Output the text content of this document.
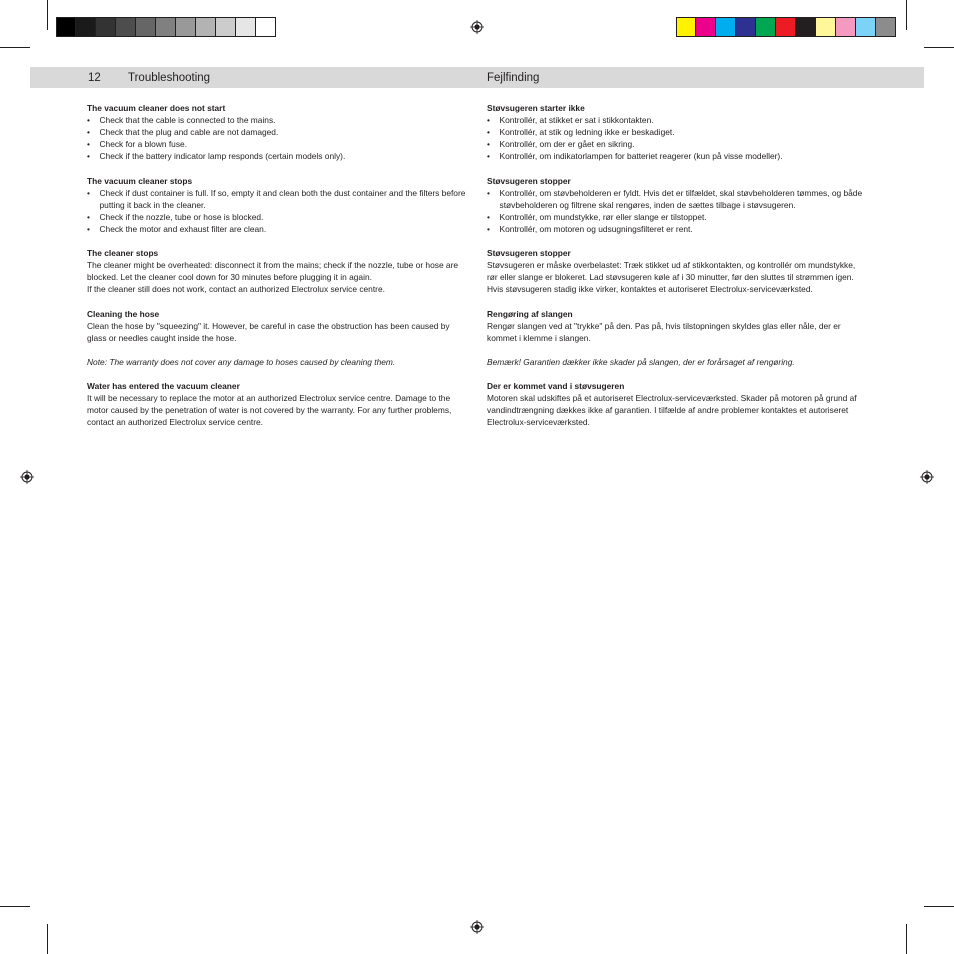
12 Troubleshooting	Fejlfinding

The vacuum cleaner does not start

• Check that the cable is connected to the mains.
• Check that the plug and cable are not damaged.
• Check for a blown fuse.
• Check if the battery indicator lamp responds (certain models only).

The vacuum cleaner stops

• Check if dust container is full. If so, empty it and clean both the dust container and the filters before putting it back in the cleaner.
• Check if the nozzle, tube or hose is blocked.
• Check the motor and exhaust filter are clean.

The cleaner stops

The cleaner might be overheated: disconnect it from the mains; check if the nozzle, tube or hose are blocked. Let the cleaner cool down for 30 minutes before plugging it in again.

If the cleaner still does not work, contact an authorized Electrolux service centre.

Cleaning the hose

Clean the hose by "squeezing" it. However, be careful in case the obstruction has been caused by glass or needles caught inside the hose.

Note: The warranty does not cover any damage to hoses caused by cleaning them.

Water has entered the vacuum cleaner

It will be necessary to replace the motor at an authorized Electrolux service centre. Damage to the motor caused by the penetration of water is not covered by the warranty. For any further problems, contact an authorized Electrolux service centre.

Støvsugeren starter ikke

• Kontrollér, at stikket er sat i stikkontakten.
• Kontrollér, at stik og ledning ikke er beskadiget.
• Kontrollér, om der er gået en sikring.
• Kontrollér, om indikatorlampen for batteriet reagerer (kun på visse modeller).

Støvsugeren stopper

• Kontrollér, om støvbeholderen er fyldt. Hvis det er tilfældet, skal støvbeholderen tømmes, og både støvbeholderen og filtrene skal rengøres, inden de sættes tilbage i støvsugeren.
• Kontrollér, om mundstykke, rør eller slange er tilstoppet.
• Kontrollér, om motoren og udsugningsfilteret er rent.

Støvsugeren stopper

Støvsugeren er måske overbelastet: Træk stikket ud af stikkontakten, og kontrollér om mundstykke, rør eller slange er blokeret. Lad støvsugeren køle af i 30 minutter, før den sluttes til strømmen igen.

Hvis støvsugeren stadig ikke virker, kontaktes et autoriseret Electrolux-serviceværksted.

Rengøring af slangen

Rengør slangen ved at "trykke" på den. Pas på, hvis tilstopningen skyldes glas eller nåle, der er kommet i klemme i slangen.

Bemærk! Garantien dækker ikke skader på slangen, der er forårsaget af rengøring.

Der er kommet vand i støvsugeren

Motoren skal udskiftes på et autoriseret Electrolux-serviceværksted. Skader på motoren på grund af vandindtrængning dækkes ikke af garantien. I tilfælde af andre problemer kontaktes et autoriseret Electrolux-serviceværksted.
